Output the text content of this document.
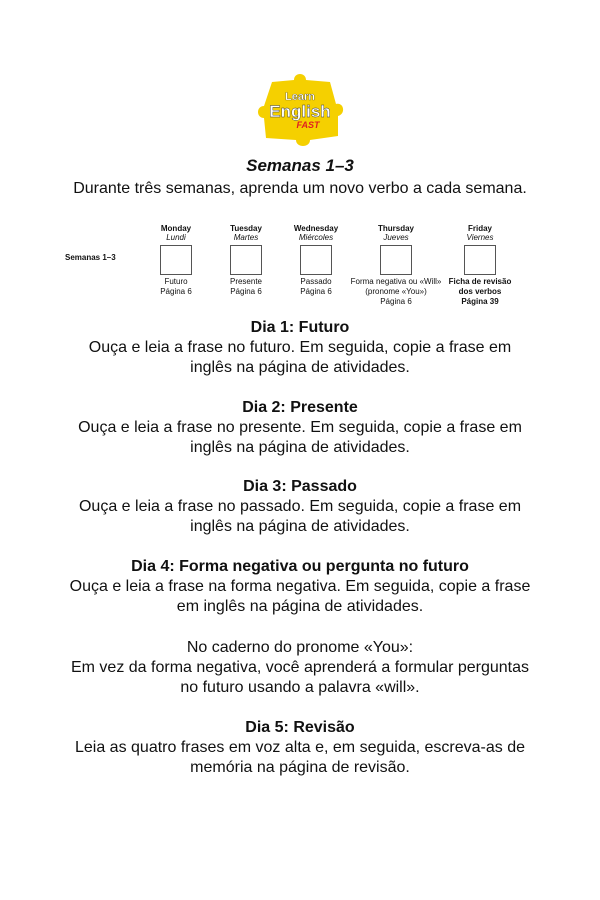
Learn
English
FAST
Semanas 1–3
Durante três semanas, aprenda um novo verbo a cada semana.
Semanas 1–3
Monday
Lundi
Tuesday
Martes
Wednesday
Miércoles
Thursday
Jueves
Friday
Viernes
Futuro
Página 6
Presente
Página 6
Passado
Página 6
Forma negativa ou «Will»
(pronome «You»)
Página 6
Ficha de revisão
dos verbos
Página 39
Dia 1: Futuro

Ouça e leia a frase no futuro. Em seguida, copie a frase em

inglês na página de atividades.

Dia 2: Presente

Ouça e leia a frase no presente. Em seguida, copie a frase em

inglês na página de atividades.

Dia 3: Passado

Ouça e leia a frase no passado. Em seguida, copie a frase em

inglês na página de atividades.

Dia 4: Forma negativa ou pergunta no futuro

Ouça e leia a frase na forma negativa. Em seguida, copie a frase

em inglês na página de atividades.

No caderno do pronome «You»:

Em vez da forma negativa, você aprenderá a formular perguntas

no futuro usando a palavra «will».

Dia 5: Revisão

Leia as quatro frases em voz alta e, em seguida, escreva-as de

memória na página de revisão.
